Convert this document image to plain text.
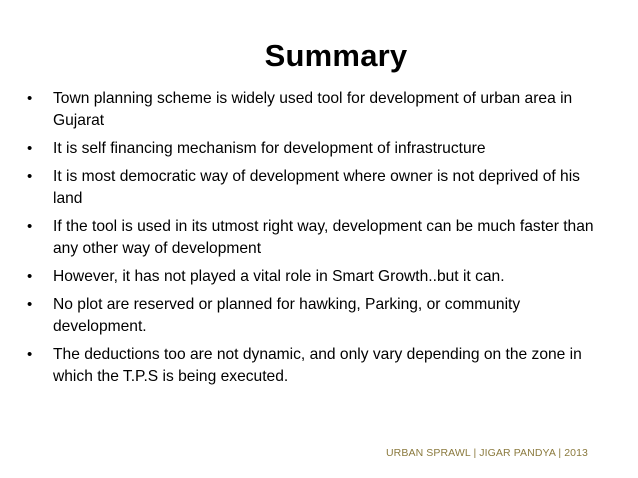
Summary
• Town planning scheme is widely used tool for development of urban area in Gujarat
• It is self financing mechanism for development of infrastructure
• It is most democratic way of development where owner is not deprived of his land
• If the tool is used in its utmost right way, development can be much faster than any other way of development
• However, it has not played a vital role in Smart Growth..but it can.
• No plot are reserved or planned for hawking, Parking, or community development.
• The deductions too are not dynamic, and only vary depending on the zone in which the T.P.S is being executed.
URBAN SPRAWL | JIGAR PANDYA | 2013
